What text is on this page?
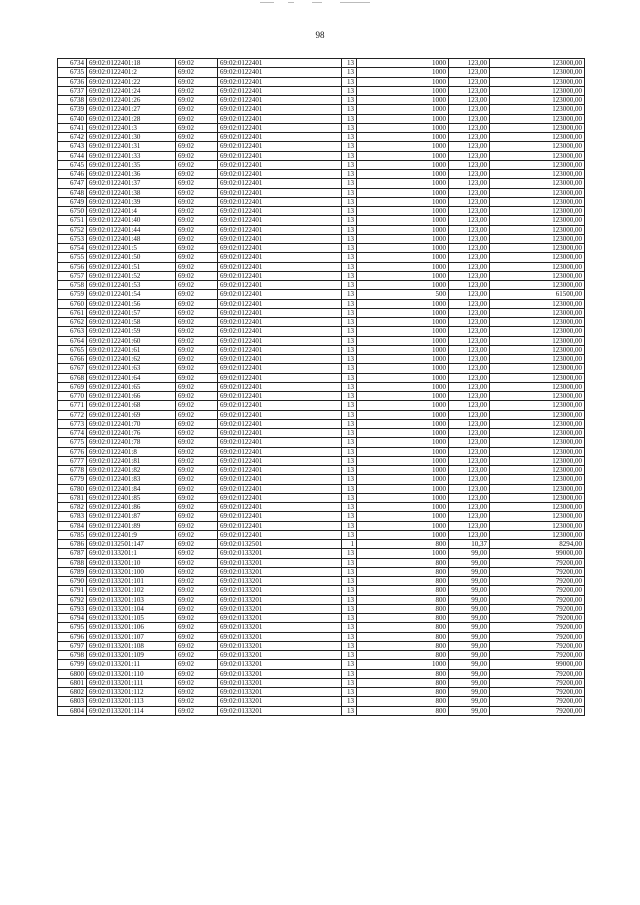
98
6734	69:02:0122401:18	69:02	69:02:0122401	13	1000	123,00	123000,00
6735	69:02:0122401:2	69:02	69:02:0122401	13	1000	123,00	123000,00
6736	69:02:0122401:22	69:02	69:02:0122401	13	1000	123,00	123000,00
6737	69:02:0122401:24	69:02	69:02:0122401	13	1000	123,00	123000,00
6738	69:02:0122401:26	69:02	69:02:0122401	13	1000	123,00	123000,00
6739	69:02:0122401:27	69:02	69:02:0122401	13	1000	123,00	123000,00
6740	69:02:0122401:28	69:02	69:02:0122401	13	1000	123,00	123000,00
6741	69:02:0122401:3	69:02	69:02:0122401	13	1000	123,00	123000,00
6742	69:02:0122401:30	69:02	69:02:0122401	13	1000	123,00	123000,00
6743	69:02:0122401:31	69:02	69:02:0122401	13	1000	123,00	123000,00
6744	69:02:0122401:33	69:02	69:02:0122401	13	1000	123,00	123000,00
6745	69:02:0122401:35	69:02	69:02:0122401	13	1000	123,00	123000,00
6746	69:02:0122401:36	69:02	69:02:0122401	13	1000	123,00	123000,00
6747	69:02:0122401:37	69:02	69:02:0122401	13	1000	123,00	123000,00
6748	69:02:0122401:38	69:02	69:02:0122401	13	1000	123,00	123000,00
6749	69:02:0122401:39	69:02	69:02:0122401	13	1000	123,00	123000,00
6750	69:02:0122401:4	69:02	69:02:0122401	13	1000	123,00	123000,00
6751	69:02:0122401:40	69:02	69:02:0122401	13	1000	123,00	123000,00
6752	69:02:0122401:44	69:02	69:02:0122401	13	1000	123,00	123000,00
6753	69:02:0122401:48	69:02	69:02:0122401	13	1000	123,00	123000,00
6754	69:02:0122401:5	69:02	69:02:0122401	13	1000	123,00	123000,00
6755	69:02:0122401:50	69:02	69:02:0122401	13	1000	123,00	123000,00
6756	69:02:0122401:51	69:02	69:02:0122401	13	1000	123,00	123000,00
6757	69:02:0122401:52	69:02	69:02:0122401	13	1000	123,00	123000,00
6758	69:02:0122401:53	69:02	69:02:0122401	13	1000	123,00	123000,00
6759	69:02:0122401:54	69:02	69:02:0122401	13	500	123,00	61500,00
6760	69:02:0122401:56	69:02	69:02:0122401	13	1000	123,00	123000,00
6761	69:02:0122401:57	69:02	69:02:0122401	13	1000	123,00	123000,00
6762	69:02:0122401:58	69:02	69:02:0122401	13	1000	123,00	123000,00
6763	69:02:0122401:59	69:02	69:02:0122401	13	1000	123,00	123000,00
6764	69:02:0122401:60	69:02	69:02:0122401	13	1000	123,00	123000,00
6765	69:02:0122401:61	69:02	69:02:0122401	13	1000	123,00	123000,00
6766	69:02:0122401:62	69:02	69:02:0122401	13	1000	123,00	123000,00
6767	69:02:0122401:63	69:02	69:02:0122401	13	1000	123,00	123000,00
6768	69:02:0122401:64	69:02	69:02:0122401	13	1000	123,00	123000,00
6769	69:02:0122401:65	69:02	69:02:0122401	13	1000	123,00	123000,00
6770	69:02:0122401:66	69:02	69:02:0122401	13	1000	123,00	123000,00
6771	69:02:0122401:68	69:02	69:02:0122401	13	1000	123,00	123000,00
6772	69:02:0122401:69	69:02	69:02:0122401	13	1000	123,00	123000,00
6773	69:02:0122401:70	69:02	69:02:0122401	13	1000	123,00	123000,00
6774	69:02:0122401:76	69:02	69:02:0122401	13	1000	123,00	123000,00
6775	69:02:0122401:78	69:02	69:02:0122401	13	1000	123,00	123000,00
6776	69:02:0122401:8	69:02	69:02:0122401	13	1000	123,00	123000,00
6777	69:02:0122401:81	69:02	69:02:0122401	13	1000	123,00	123000,00
6778	69:02:0122401:82	69:02	69:02:0122401	13	1000	123,00	123000,00
6779	69:02:0122401:83	69:02	69:02:0122401	13	1000	123,00	123000,00
6780	69:02:0122401:84	69:02	69:02:0122401	13	1000	123,00	123000,00
6781	69:02:0122401:85	69:02	69:02:0122401	13	1000	123,00	123000,00
6782	69:02:0122401:86	69:02	69:02:0122401	13	1000	123,00	123000,00
6783	69:02:0122401:87	69:02	69:02:0122401	13	1000	123,00	123000,00
6784	69:02:0122401:89	69:02	69:02:0122401	13	1000	123,00	123000,00
6785	69:02:0122401:9	69:02	69:02:0122401	13	1000	123,00	123000,00
6786	69:02:0132501:147	69:02	69:02:0132501	1	800	10,37	8294,00
6787	69:02:0133201:1	69:02	69:02:0133201	13	1000	99,00	99000,00
6788	69:02:0133201:10	69:02	69:02:0133201	13	800	99,00	79200,00
6789	69:02:0133201:100	69:02	69:02:0133201	13	800	99,00	79200,00
6790	69:02:0133201:101	69:02	69:02:0133201	13	800	99,00	79200,00
6791	69:02:0133201:102	69:02	69:02:0133201	13	800	99,00	79200,00
6792	69:02:0133201:103	69:02	69:02:0133201	13	800	99,00	79200,00
6793	69:02:0133201:104	69:02	69:02:0133201	13	800	99,00	79200,00
6794	69:02:0133201:105	69:02	69:02:0133201	13	800	99,00	79200,00
6795	69:02:0133201:106	69:02	69:02:0133201	13	800	99,00	79200,00
6796	69:02:0133201:107	69:02	69:02:0133201	13	800	99,00	79200,00
6797	69:02:0133201:108	69:02	69:02:0133201	13	800	99,00	79200,00
6798	69:02:0133201:109	69:02	69:02:0133201	13	800	99,00	79200,00
6799	69:02:0133201:11	69:02	69:02:0133201	13	1000	99,00	99000,00
6800	69:02:0133201:110	69:02	69:02:0133201	13	800	99,00	79200,00
6801	69:02:0133201:111	69:02	69:02:0133201	13	800	99,00	79200,00
6802	69:02:0133201:112	69:02	69:02:0133201	13	800	99,00	79200,00
6803	69:02:0133201:113	69:02	69:02:0133201	13	800	99,00	79200,00
6804	69:02:0133201:114	69:02	69:02:0133201	13	800	99,00	79200,00
